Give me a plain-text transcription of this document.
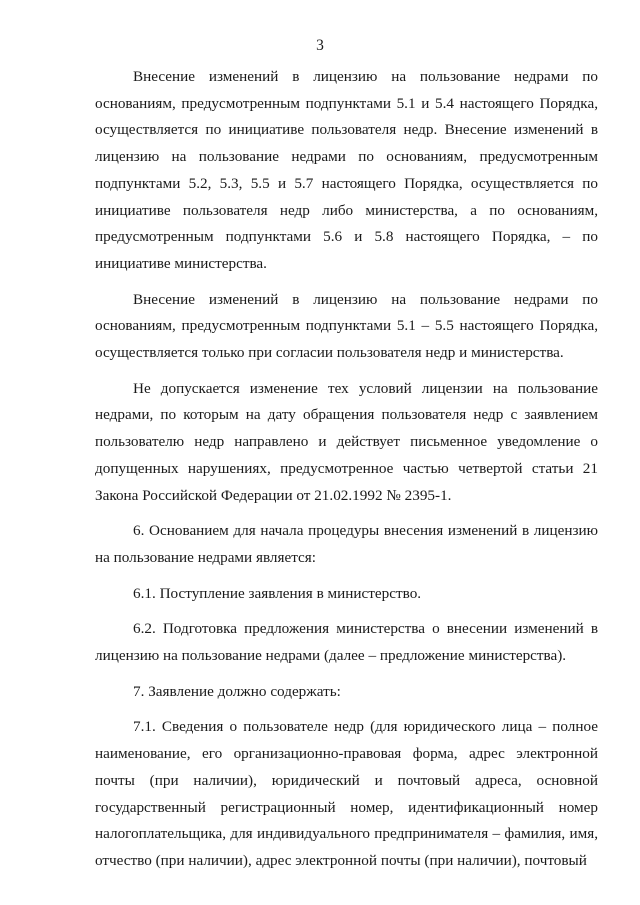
3

Внесение изменений в лицензию на пользование недрами по основаниям, предусмотренным подпунктами 5.1 и 5.4 настоящего Порядка, осуществляется по инициативе пользователя недр. Внесение изменений в лицензию на пользование недрами по основаниям, предусмотренным подпунктами 5.2, 5.3, 5.5 и 5.7 настоящего Порядка, осуществляется по инициативе пользователя недр либо министерства, а по основаниям, предусмотренным подпунктами 5.6 и 5.8 настоящего Порядка, – по инициативе министерства.

Внесение изменений в лицензию на пользование недрами по основаниям, предусмотренным подпунктами 5.1 – 5.5 настоящего Порядка, осуществляется только при согласии пользователя недр и министерства.

Не допускается изменение тех условий лицензии на пользование недрами, по которым на дату обращения пользователя недр с заявлением пользователю недр направлено и действует письменное уведомление о допущенных нарушениях, предусмотренное частью четвертой статьи 21 Закона Российской Федерации от 21.02.1992 № 2395-1.

6. Основанием для начала процедуры внесения изменений в лицензию на пользование недрами является:

6.1. Поступление заявления в министерство.

6.2. Подготовка предложения министерства о внесении изменений в лицензию на пользование недрами (далее – предложение министерства).

7. Заявление должно содержать:

7.1. Сведения о пользователе недр (для юридического лица – полное наименование, его организационно-правовая форма, адрес электронной почты (при наличии), юридический и почтовый адреса, основной государственный регистрационный номер, идентификационный номер налогоплательщика, для индивидуального предпринимателя – фамилия, имя, отчество (при наличии), адрес электронной почты (при наличии), почтовый
